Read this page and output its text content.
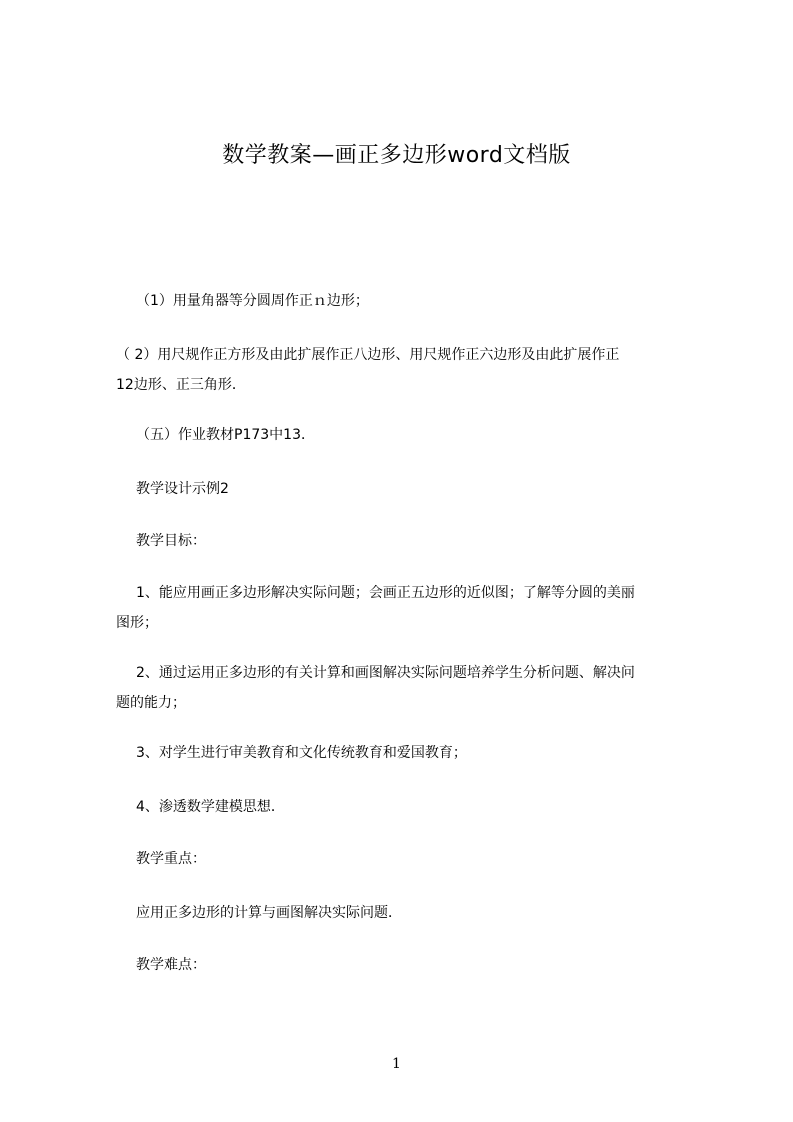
数学教案—画正多边形word文档版
（1）用量角器等分圆周作正ｎ边形；
（ 2）用尺规作正方形及由此扩展作正八边形、用尺规作正六边形及由此扩展作正
12边形、正三角形．
（五）作业教材P173中13．
教学设计示例2
教学目标：
1、能应用画正多边形解决实际问题；会画正五边形的近似图；了解等分圆的美丽
图形；
2、通过运用正多边形的有关计算和画图解决实际问题培养学生分析问题、解决问
题的能力；
3、对学生进行审美教育和文化传统教育和爱国教育；
4、渗透数学建模思想．
教学重点：
应用正多边形的计算与画图解决实际问题．
教学难点：
1
